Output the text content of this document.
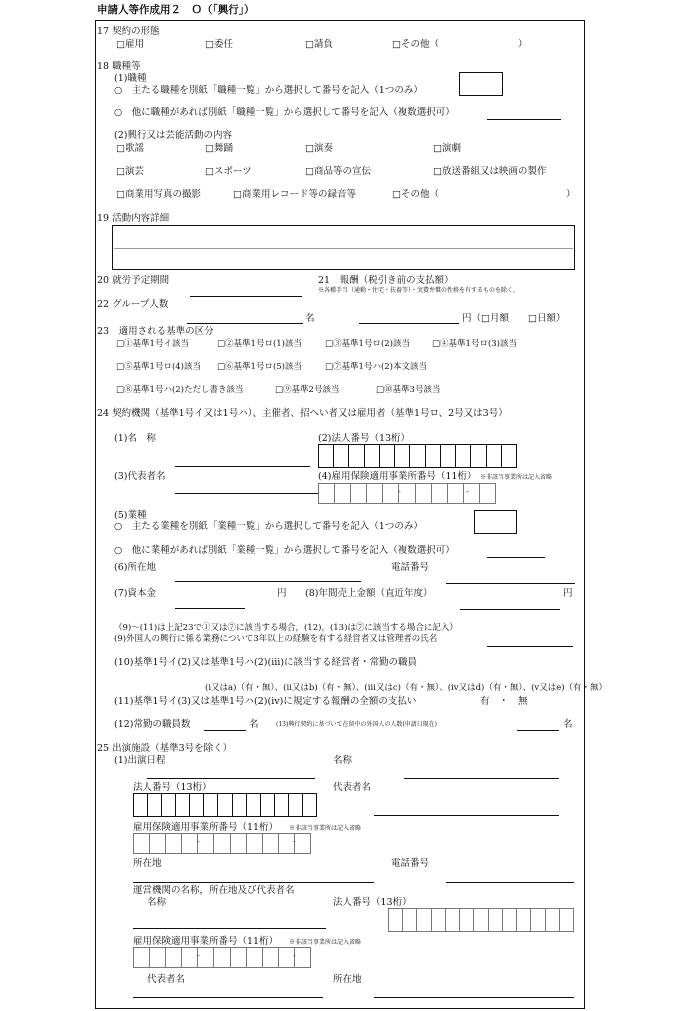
申請人等作成用２　Ｏ（「興行」）
17 契約の形態
□雇用	□委任	□請負	□その他（	）
18 職種等
(1)職種
○　主たる職種を別紙「職種一覧」から選択して番号を記入（1つのみ）
○　他に職種があれば別紙「職種一覧」から選択して番号を記入（複数選択可）
(2)興行又は芸能活動の内容
□歌謡	□舞踊	□演奏	□演劇
□演芸	□スポーツ	□商品等の宣伝	□放送番組又は映画の製作
□商業用写真の撮影	□商業用レコード等の録音等	□その他（	）
19 活動内容詳細
20 就労予定期間	21　報酬（税引き前の支払額）
※各種手当（通勤・住宅・扶養等）・実費弁償の性格を有するものを除く。
22 グループ人数
名	円（□月額　　□日額）
23　適用される基準の区分
□①基準1号イ該当	□②基準1号ロ(1)該当	□③基準1号ロ(2)該当	□④基準1号ロ(3)該当
□⑤基準1号ロ(4)該当 □⑥基準1号ロ(5)該当	□⑦基準1号ハ(2)本文該当
□⑧基準1号ハ(2)ただし書き該当	□⑨基準2号該当	□⑩基準3号該当
24 契約機関（基準1号イ又は1号ハ）、主催者、招へい者又は雇用者（基準1号ロ、2号又は3号）
(1)名　称	(2)法人番号（13桁）
(3)代表者名	(4)雇用保険適用事業所番号（11桁） ※非該当事業所は記入省略
-	-
(5)業種
○　主たる業種を別紙「業種一覧」から選択して番号を記入（1つのみ）
○　他に業種があれば別紙「業種一覧」から選択して番号を記入（複数選択可）
(6)所在地	電話番号
(7)資本金	円 (8)年間売上金額（直近年度）	円
（9)～(11)は上記23で①又は⑦に該当する場合，(12)，(13)は⑦に該当する場合に記入）
(9)外国人の興行に係る業務について3年以上の経験を有する経営者又は管理者の氏名
(10)基準1号イ(2)又は基準1号ハ(2)(ⅲ)に該当する経営者・常勤の職員
(ⅰ又はa)（有・無）、(ⅱ又はb)（有・無）、(ⅲ又はc)（有・無）、(ⅳ又はd)（有・無）、(ⅴ又はe)（有・無）
(11)基準1号イ(3)又は基準1号ハ(2)(ⅳ)に規定する報酬の全額の支払い	有　・　無
(12)常勤の職員数	名	(13)興行契約に基づいて在留中の外国人の人数(申請日現在)	名
25 出演施設（基準3号を除く）
(1)出演日程	名称
法人番号（13桁）	代表者名
雇用保険適用事業所番号（11桁） ※非該当事業所は記入省略
-	-
所在地	電話番号
運営機関の名称，所在地及び代表者名
名称	法人番号（13桁）
雇用保険適用事業所番号（11桁） ※非該当事業所は記入省略
-	-
代表者名	所在地
